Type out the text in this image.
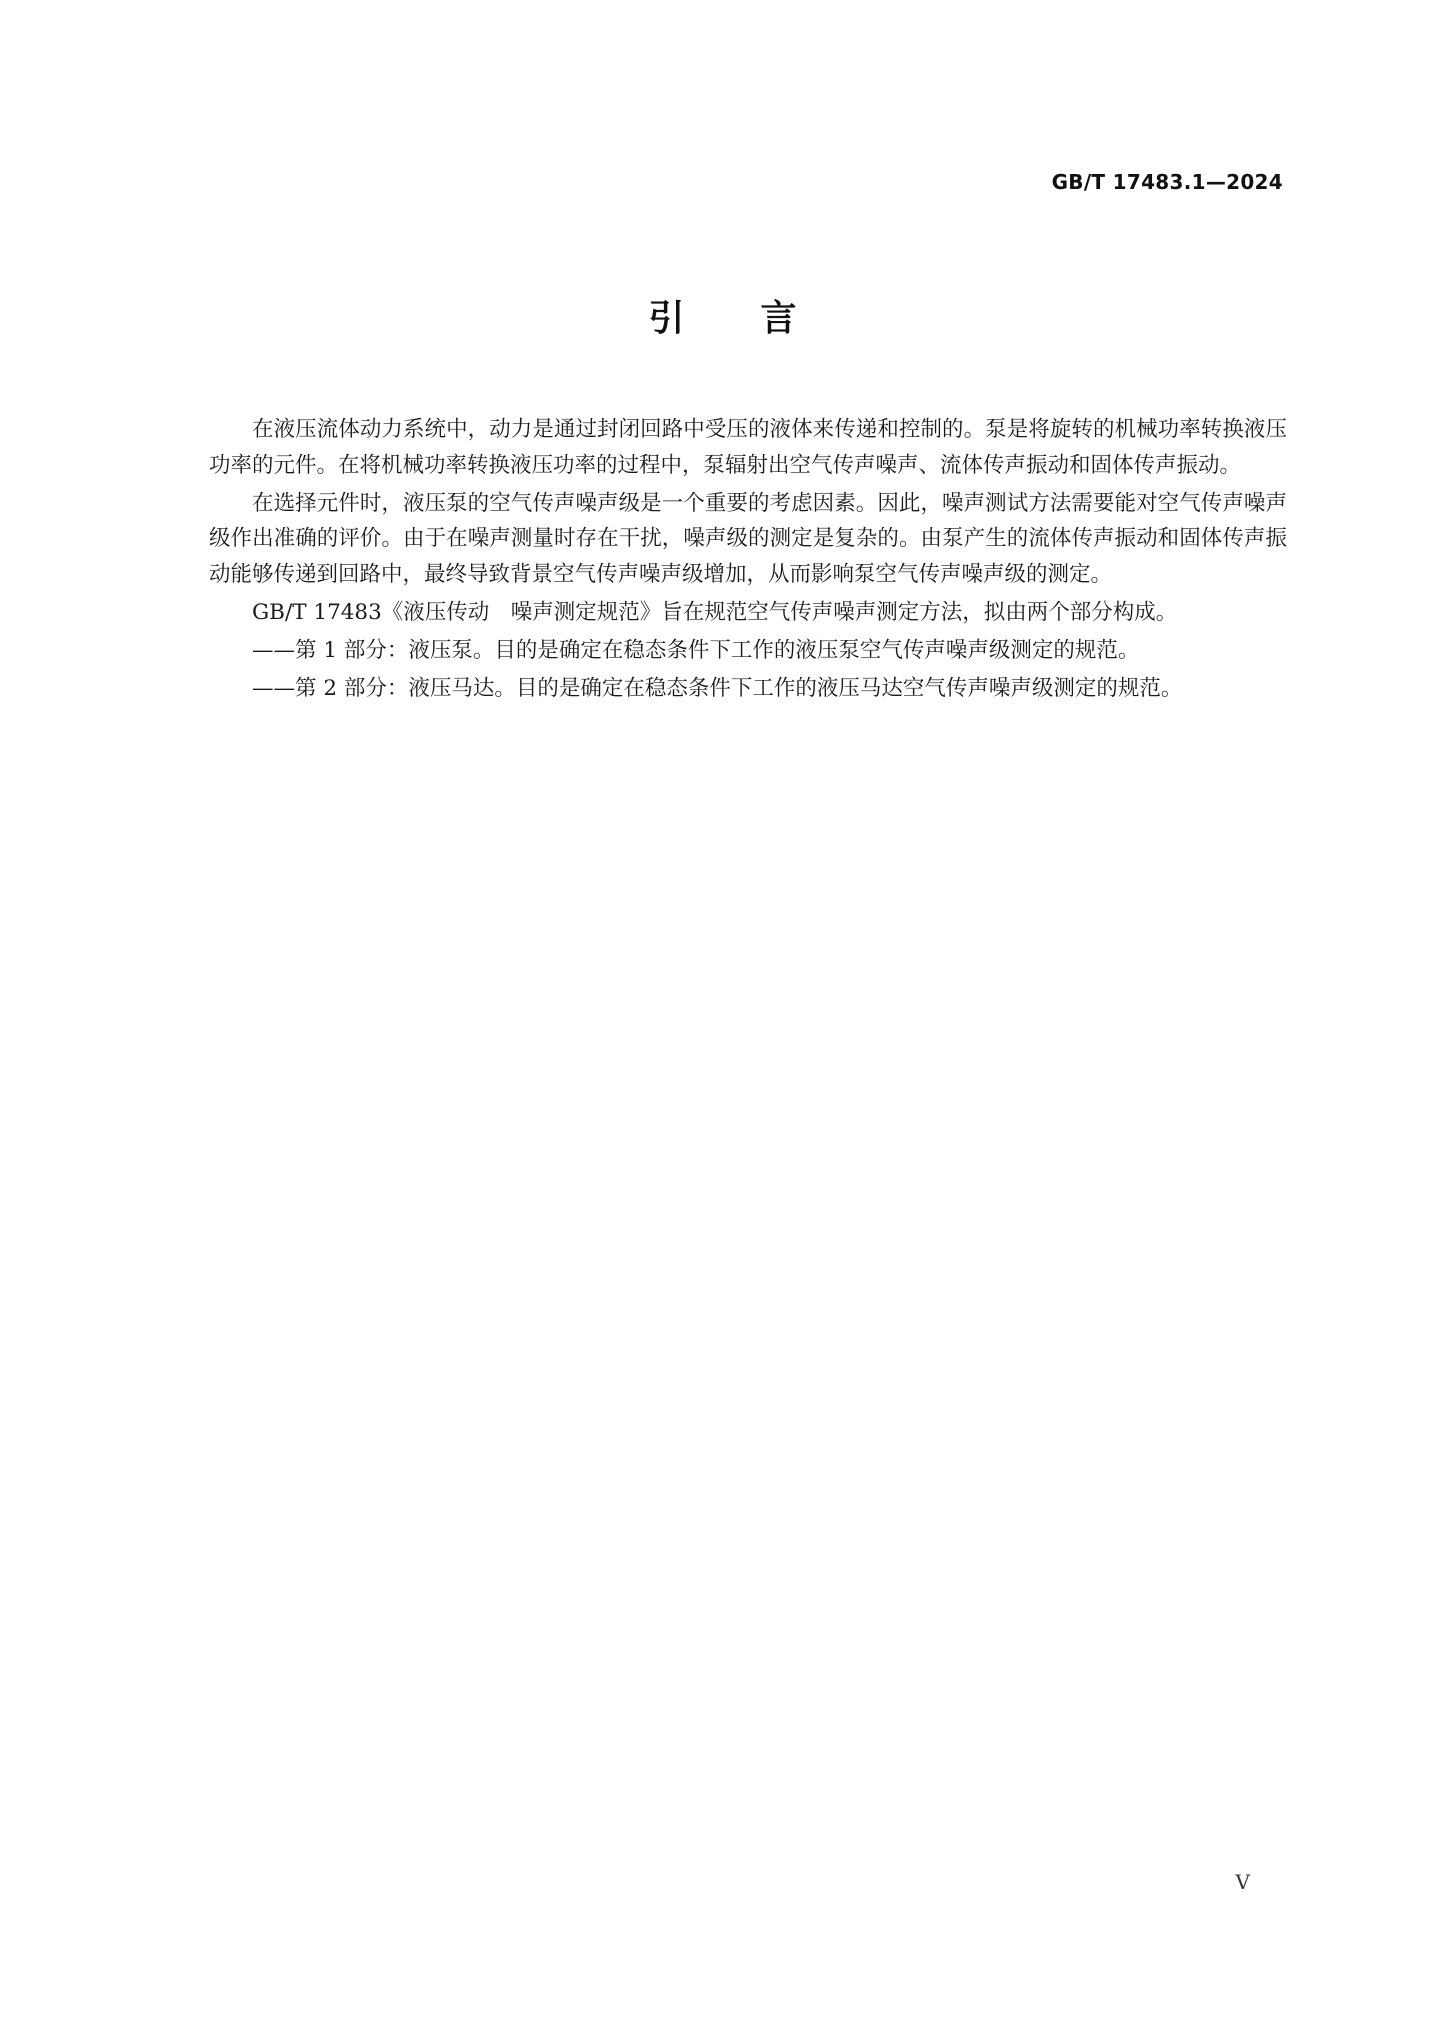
GB/T 17483.1—2024
引 言

在液压流体动力系统中，动力是通过封闭回路中受压的液体来传递和控制的。泵是将旋转的机械功率转换液压功率的元件。在将机械功率转换液压功率的过程中，泵辐射出空气传声噪声、流体传声振动和固体传声振动。

在选择元件时，液压泵的空气传声噪声级是一个重要的考虑因素。因此，噪声测试方法需要能对空气传声噪声级作出准确的评价。由于在噪声测量时存在干扰，噪声级的测定是复杂的。由泵产生的流体传声振动和固体传声振动能够传递到回路中，最终导致背景空气传声噪声级增加，从而影响泵空气传声噪声级的测定。

GB/T 17483《液压传动　噪声测定规范》旨在规范空气传声噪声测定方法，拟由两个部分构成。

——第 1 部分：液压泵。目的是确定在稳态条件下工作的液压泵空气传声噪声级测定的规范。

——第 2 部分：液压马达。目的是确定在稳态条件下工作的液压马达空气传声噪声级测定的规范。

V
